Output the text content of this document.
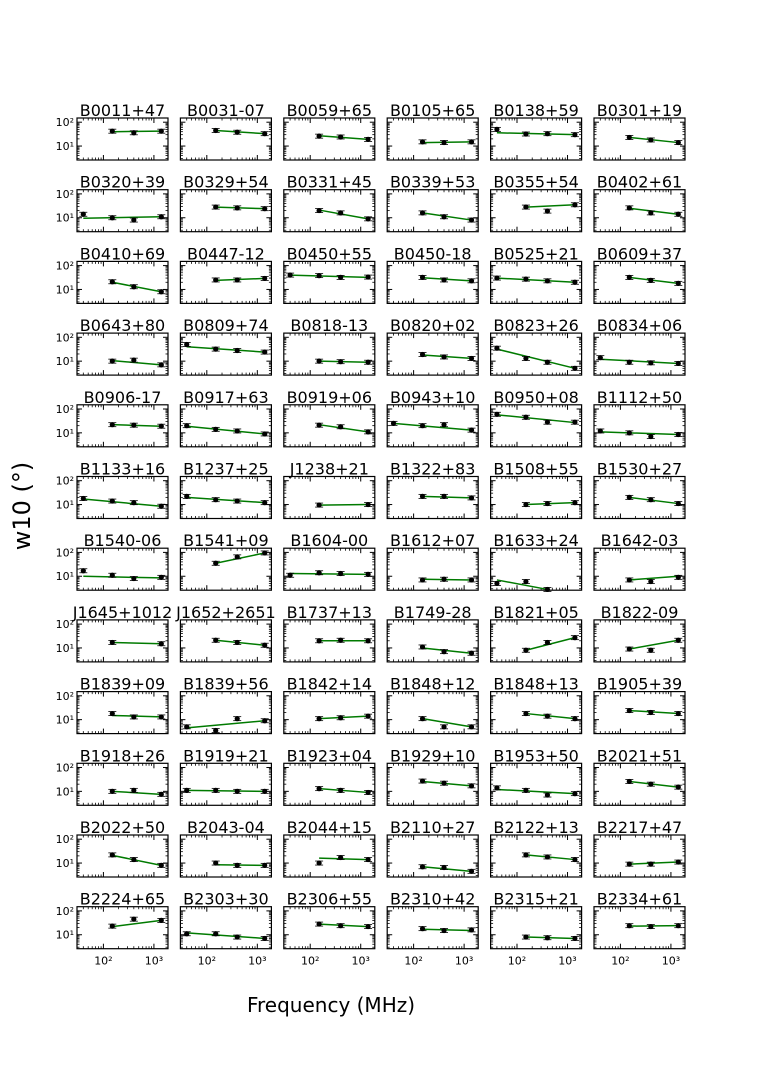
B0011+47
10¹
10²
B0031-07 B0059+65 B0105+65 B0138+59 B0301+19
B0320+39
10¹
10²
B0329+54 B0331+45 B0339+53 B0355+54 B0402+61
B0410+69
10¹
10²
B0447-12 B0450+55 B0450-18 B0525+21 B0609+37
B0643+80
10¹
10²
B0809+74 B0818-13 B0820+02 B0823+26 B0834+06
B0906-17
10¹
10²
B0917+63 B0919+06 B0943+10 B0950+08 B1112+50
B1133+16
10¹
10²
B1237+25 J1238+21 B1322+83 B1508+55 B1530+27
B1540-06
10¹
10²
B1541+09 B1604-00 B1612+07 B1633+24 B1642-03
J1645+1012
10¹
10²
J1652+2651 B1737+13 B1749-28 B1821+05 B1822-09
B1839+09
10¹
10²
B1839+56 B1842+14 B1848+12 B1848+13 B1905+39
B1918+26
10¹
10²
B1919+21 B1923+04 B1929+10 B1953+50 B2021+51
B2022+50
10¹
10²
B2043-04 B2044+15 B2110+27 B2122+13 B2217+47
B2224+65
10¹
10²
10²	10³
B2303+30
10²	10³
B2306+55
10²	10³
B2310+42
10²	10³
B2315+21
10²	10³
B2334+61
10²	10³
Frequency (MHz)
w10 (°)
